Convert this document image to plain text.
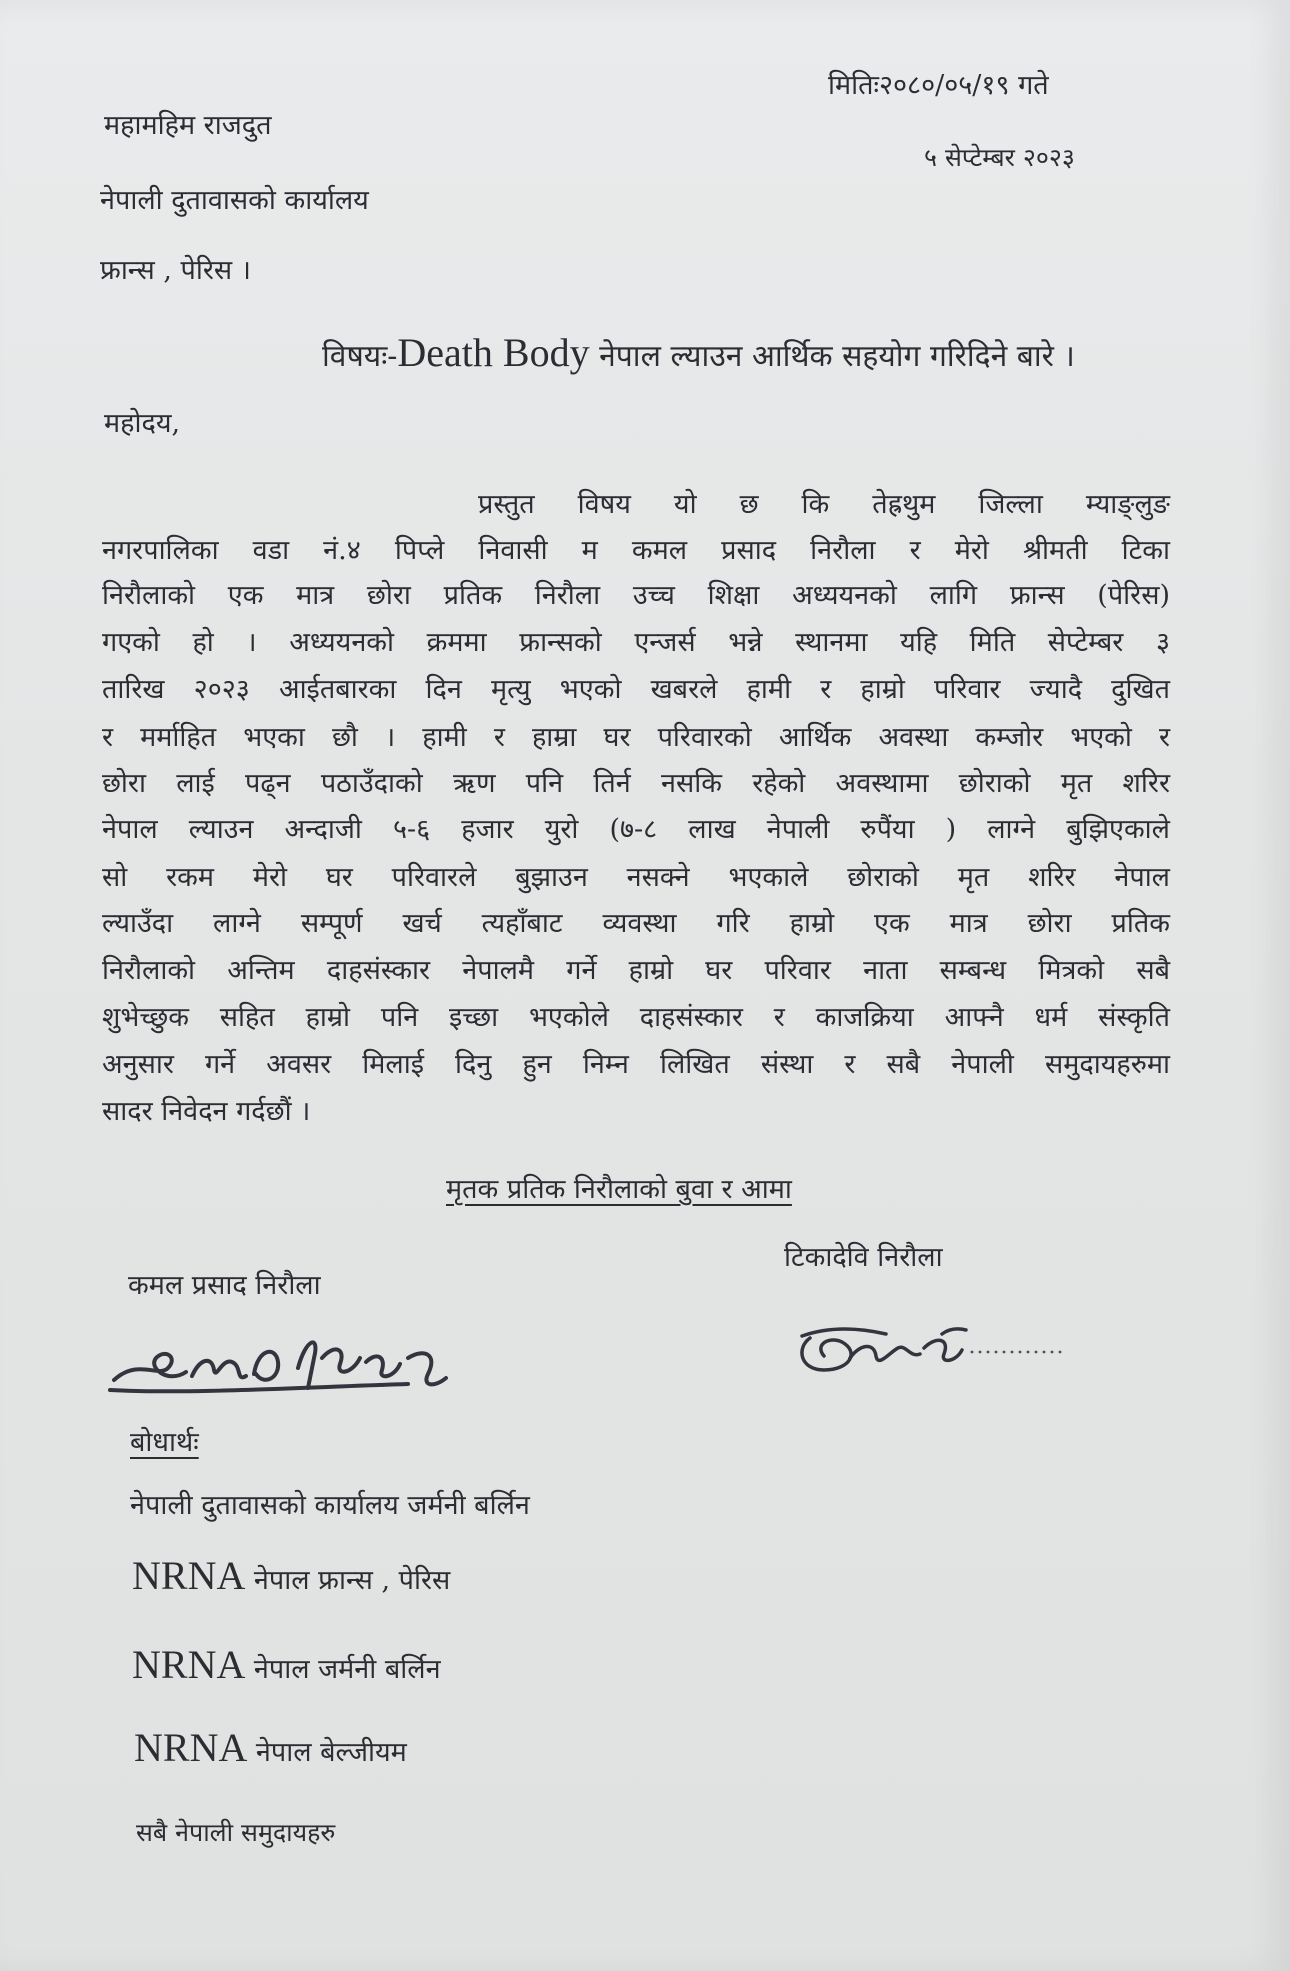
मितिः२०८०/०५/१९ गते
५ सेप्टेम्बर २०२३
महामहिम राजदुत
नेपाली दुतावासको कार्यालय
फ्रान्स , पेरिस ।
विषयः-Death Body नेपाल ल्याउन आर्थिक सहयोग गरिदिने बारे ।
महोदय,
प्रस्तुत विषय यो छ कि तेह्रथुम जिल्ला म्याङ्लुङ
नगरपालिका वडा नं.४ पिप्ले निवासी म कमल प्रसाद निरौला र मेरो श्रीमती टिका
निरौलाको एक मात्र छोरा प्रतिक निरौला उच्च शिक्षा अध्ययनको लागि फ्रान्स (पेरिस)
गएको हो । अध्ययनको क्रममा फ्रान्सको एन्जर्स भन्ने स्थानमा यहि मिति सेप्टेम्बर ३
तारिख २०२३ आईतबारका दिन मृत्यु भएको खबरले हामी र हाम्रो परिवार ज्यादै दुखित
र मर्माहित भएका छौ । हामी र हाम्रा घर परिवारको आर्थिक अवस्था कम्जोर भएको र
छोरा लाई पढ्न पठाउँदाको ऋण पनि तिर्न नसकि रहेको अवस्थामा छोराको मृत शरिर
नेपाल ल्याउन अन्दाजी ५-६ हजार युरो (७-८ लाख नेपाली रुपैंया ) लाग्ने बुझिएकाले
सो रकम मेरो घर परिवारले बुझाउन नसक्ने भएकाले छोराको मृत शरिर नेपाल
ल्याउँदा लाग्ने सम्पूर्ण खर्च त्यहाँबाट व्यवस्था गरि हाम्रो एक मात्र छोरा प्रतिक
निरौलाको अन्तिम दाहसंस्कार नेपालमै गर्ने हाम्रो घर परिवार नाता सम्बन्ध मित्रको सबै
शुभेच्छुक सहित हाम्रो पनि इच्छा भएकोले दाहसंस्कार र काजक्रिया आफ्नै धर्म संस्कृति
अनुसार गर्ने अवसर मिलाई दिनु हुन निम्न लिखित संस्था र सबै नेपाली समुदायहरुमा
सादर निवेदन गर्दछौं ।
मृतक प्रतिक निरौलाको बुवा र आमा
कमल प्रसाद निरौला
टिकादेवि निरौला
बोधार्थः
नेपाली दुतावासको कार्यालय जर्मनी बर्लिन
NRNA नेपाल फ्रान्स , पेरिस
NRNA नेपाल जर्मनी बर्लिन
NRNA नेपाल बेल्जीयम
सबै नेपाली समुदायहरु
